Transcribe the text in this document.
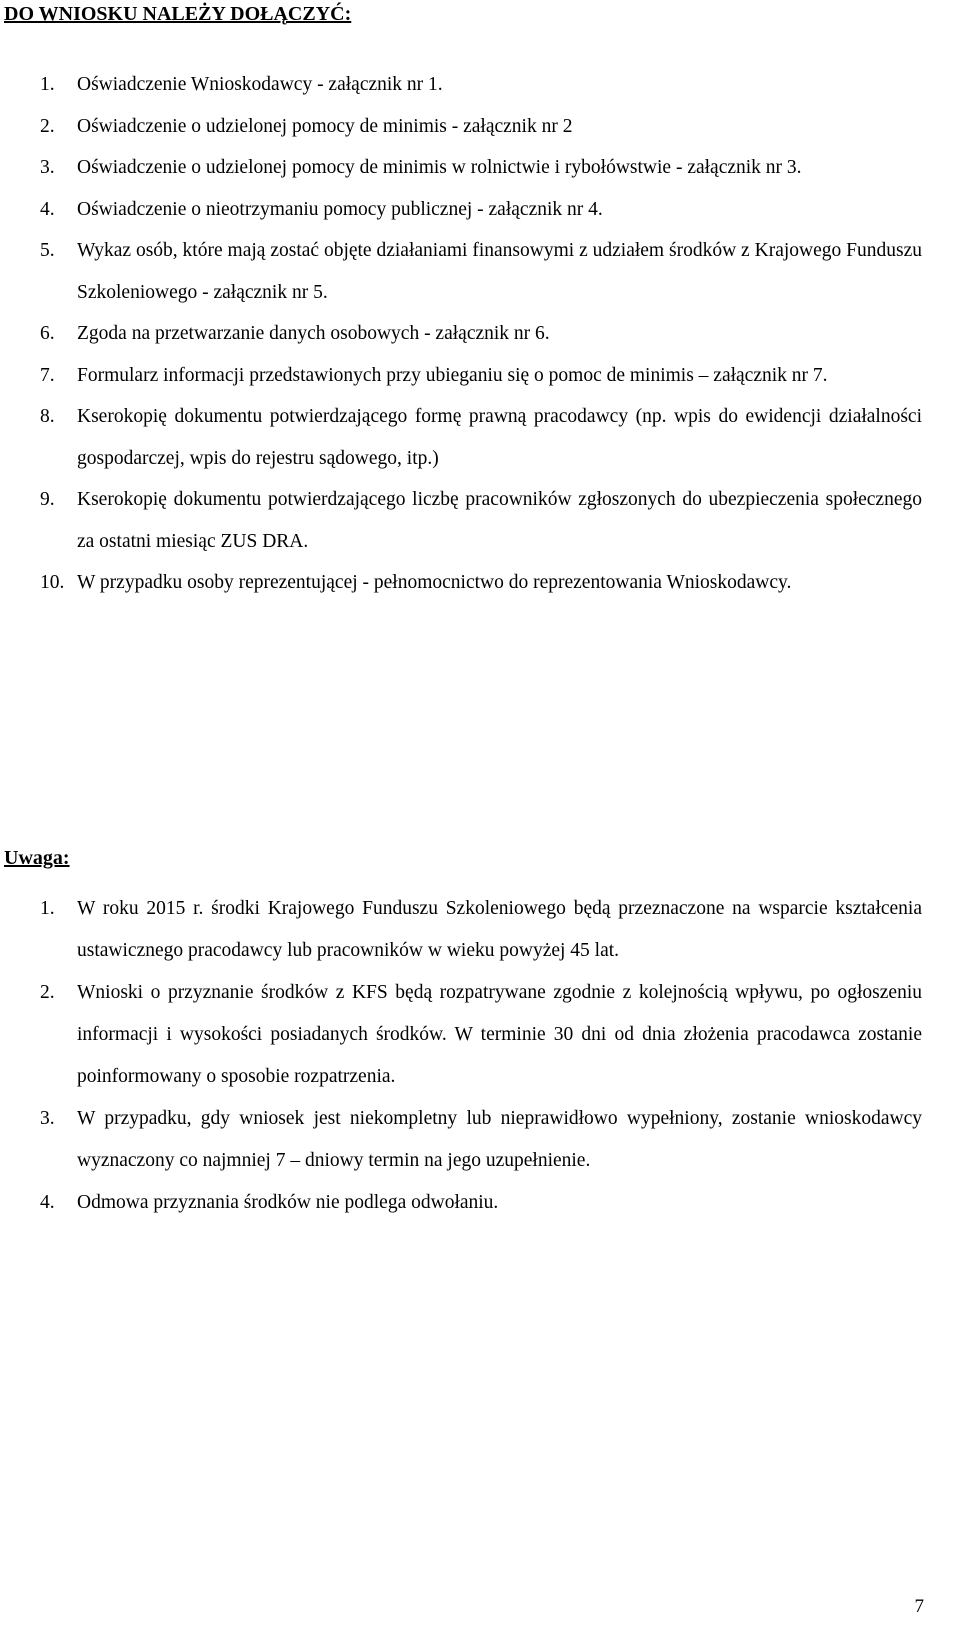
DO WNIOSKU NALEŻY DOŁĄCZYĆ:
1. Oświadczenie Wnioskodawcy - załącznik nr 1.
2. Oświadczenie o udzielonej pomocy de minimis - załącznik nr 2
3. Oświadczenie o udzielonej pomocy de minimis w rolnictwie i rybołówstwie - załącznik nr 3.
4. Oświadczenie o nieotrzymaniu pomocy publicznej - załącznik nr 4.
5. Wykaz osób, które mają zostać objęte działaniami finansowymi z udziałem środków z Krajowego Funduszu Szkoleniowego - załącznik nr 5.
6. Zgoda na przetwarzanie danych osobowych - załącznik nr 6.
7. Formularz informacji przedstawionych przy ubieganiu się o pomoc de minimis – załącznik nr 7.
8. Kserokopię dokumentu potwierdzającego formę prawną pracodawcy (np. wpis do ewidencji działalności gospodarczej, wpis do rejestru sądowego, itp.)
9. Kserokopię dokumentu potwierdzającego liczbę pracowników zgłoszonych do ubezpieczenia społecznego za ostatni miesiąc ZUS DRA.
10. W przypadku osoby reprezentującej - pełnomocnictwo do reprezentowania Wnioskodawcy.
Uwaga:
1. W roku 2015 r. środki Krajowego Funduszu Szkoleniowego będą przeznaczone na wsparcie kształcenia ustawicznego pracodawcy lub pracowników w wieku powyżej 45 lat.
2. Wnioski o przyznanie środków z KFS będą rozpatrywane zgodnie z kolejnością wpływu, po ogłoszeniu informacji i wysokości posiadanych środków. W terminie 30 dni od dnia złożenia pracodawca zostanie poinformowany o sposobie rozpatrzenia.
3. W przypadku, gdy wniosek jest niekompletny lub nieprawidłowo wypełniony, zostanie wnioskodawcy wyznaczony co najmniej 7 – dniowy termin na jego uzupełnienie.
4. Odmowa przyznania środków nie podlega odwołaniu.
7
